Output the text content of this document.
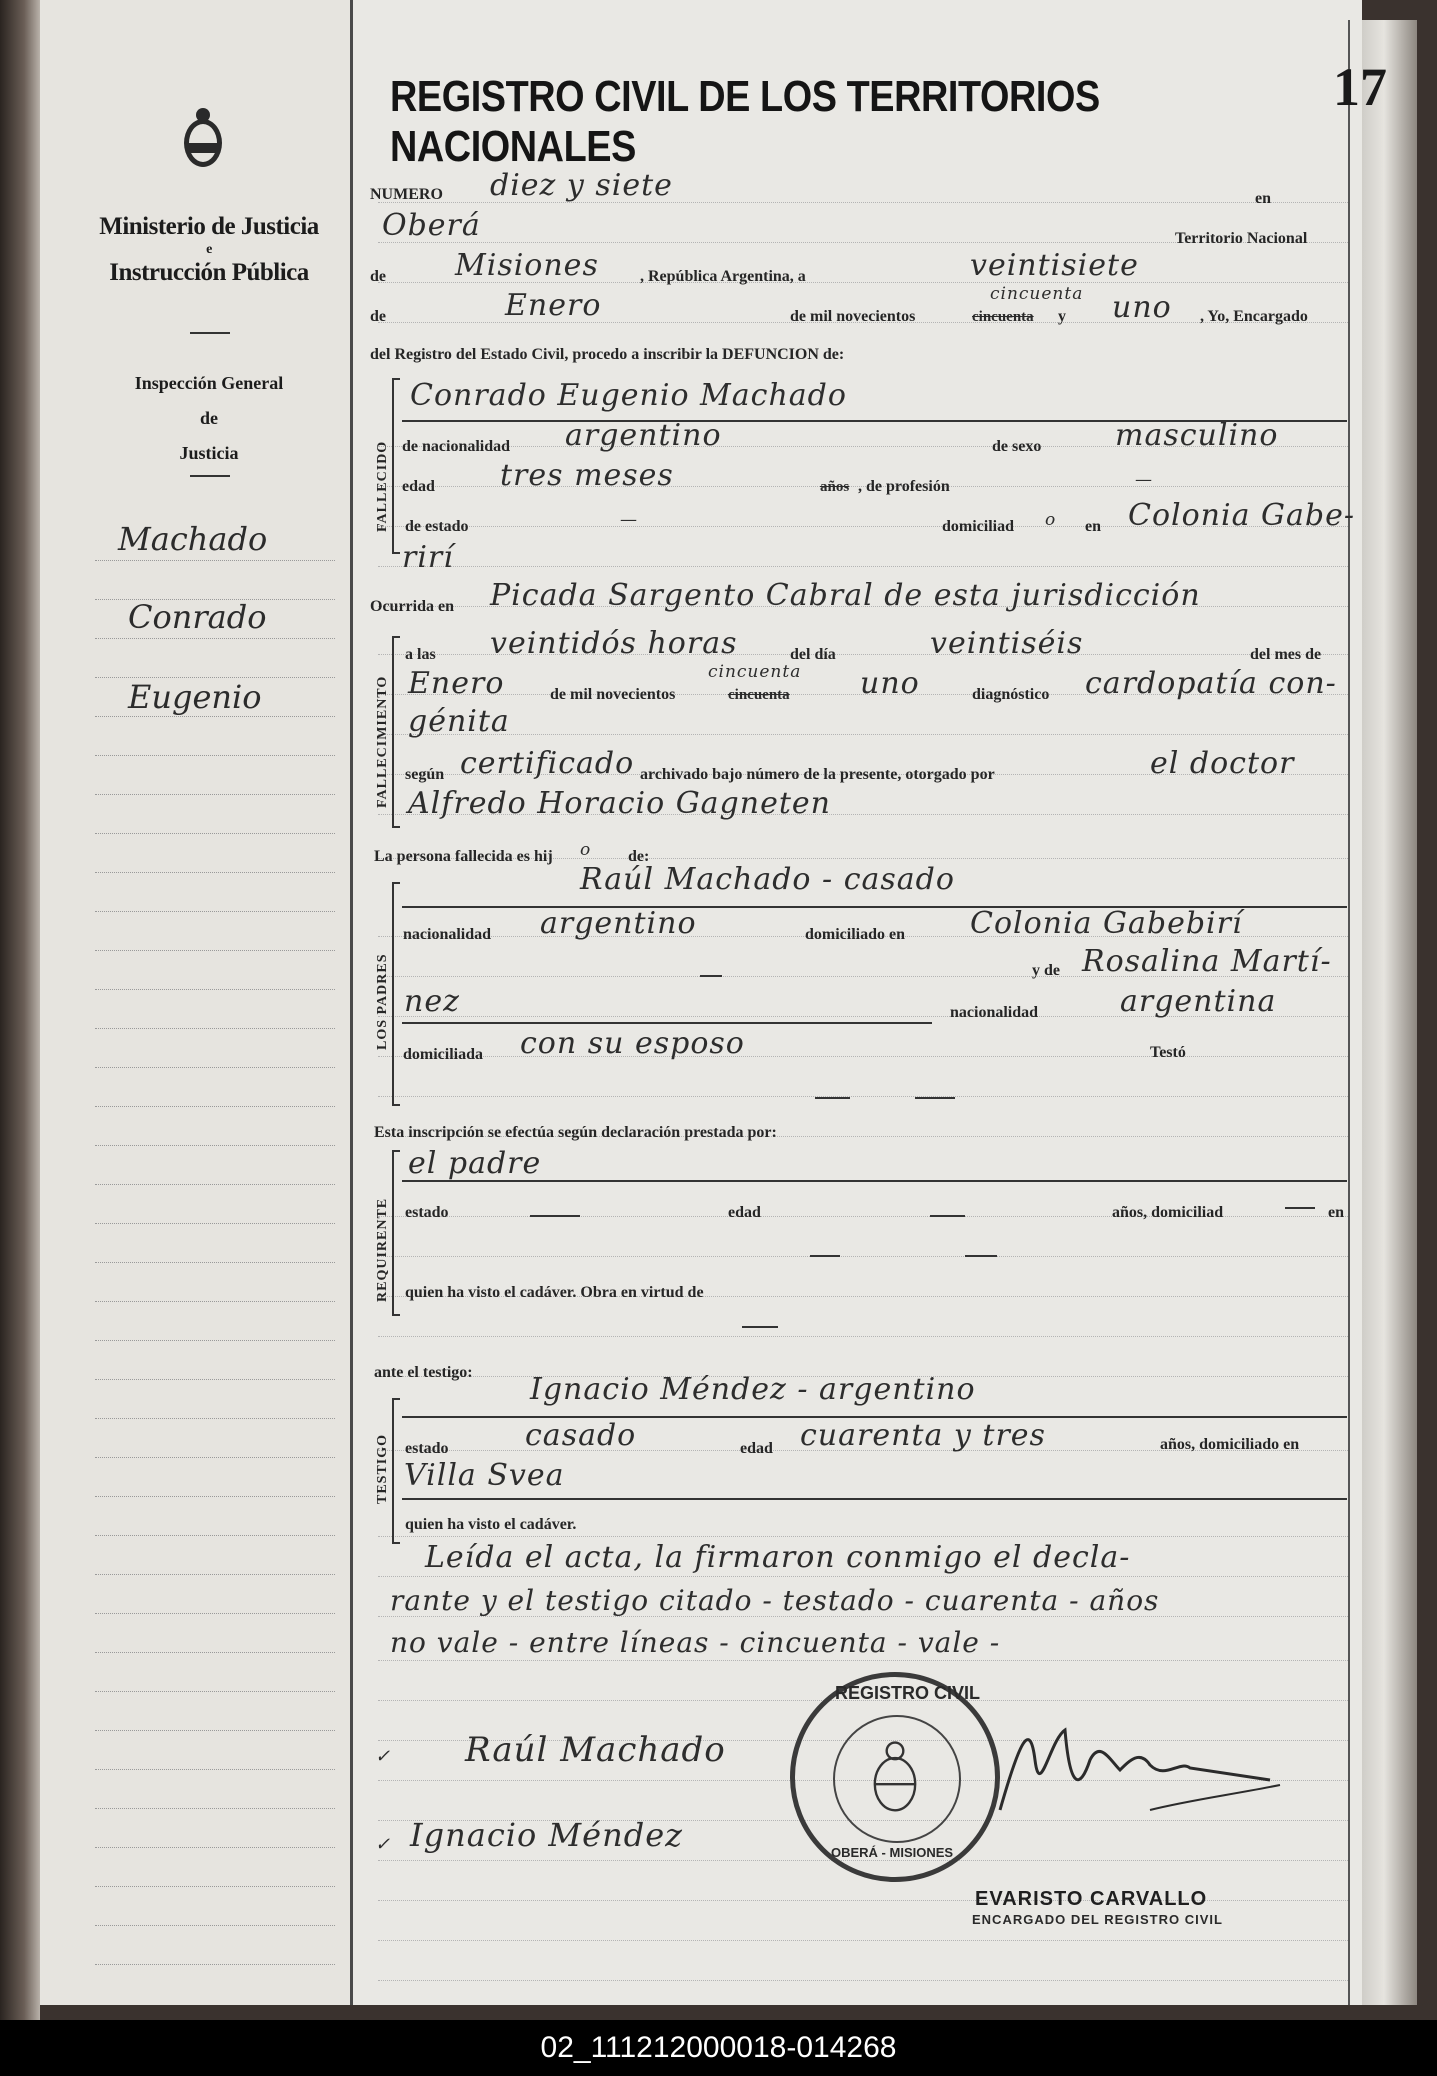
Ministerio de Justicia
e
Instrucción Pública
Inspección General
de
Justicia
Machado
Conrado
Eugenio
REGISTRO CIVIL DE LOS TERRITORIOS NACIONALES
17
NUMERO diez y siete	en
Oberá	Territorio Nacional
de Misiones	, República Argentina, a	veintisiete
de	Enero	de mil novecientos	cincuenta
cincuenta
y uno , Yo, Encargado
del Registro del Estado Civil, procedo a inscribir la DEFUNCION de:
FALLECIDO
Conrado Eugenio Machado
de nacionalidad argentino	de sexo masculino
edad tres meses	años , de profesión	—
de estado	—	domiciliad o en Colonia Gabe-
rirí
Ocurrida en Picada Sargento Cabral de esta jurisdicción
FALLECIMIENTO
a las veintidós horas	del día	veintiséis	del mes de
Enero	de mil novecientos	cincuenta
cincuenta uno	diagnóstico cardopatía con-
génita
según certificado archivado bajo número de la presente, otorgado por	el doctor
Alfredo Horacio Gagneten
La persona fallecida es hij o de:
LOS PADRES
Raúl Machado - casado
nacionalidad argentino	domiciliado en Colonia Gabebirí
y de Rosalina Martí-
nez	nacionalidad	argentina
domiciliada con su esposo	Testó
Esta inscripción se efectúa según declaración prestada por:
REQUIRENTE
el padre
estado	edad	años, domiciliad	en
quien ha visto el cadáver. Obra en virtud de
ante el testigo:
TESTIGO
Ignacio Méndez - argentino
estado	casado	edad cuarenta y tres	años, domiciliado en
Villa Svea
quien ha visto el cadáver.
Leída el acta, la firmaron conmigo el decla-
rante y el testigo citado - testado - cuarenta - años
no vale - entre líneas - cincuenta - vale -
✓ Raúl Machado
✓ Ignacio Méndez
REGISTRO CIVIL
OBERÁ - MISIONES
EVARISTO CARVALLO
ENCARGADO DEL REGISTRO CIVIL
02_111212000018-014268
